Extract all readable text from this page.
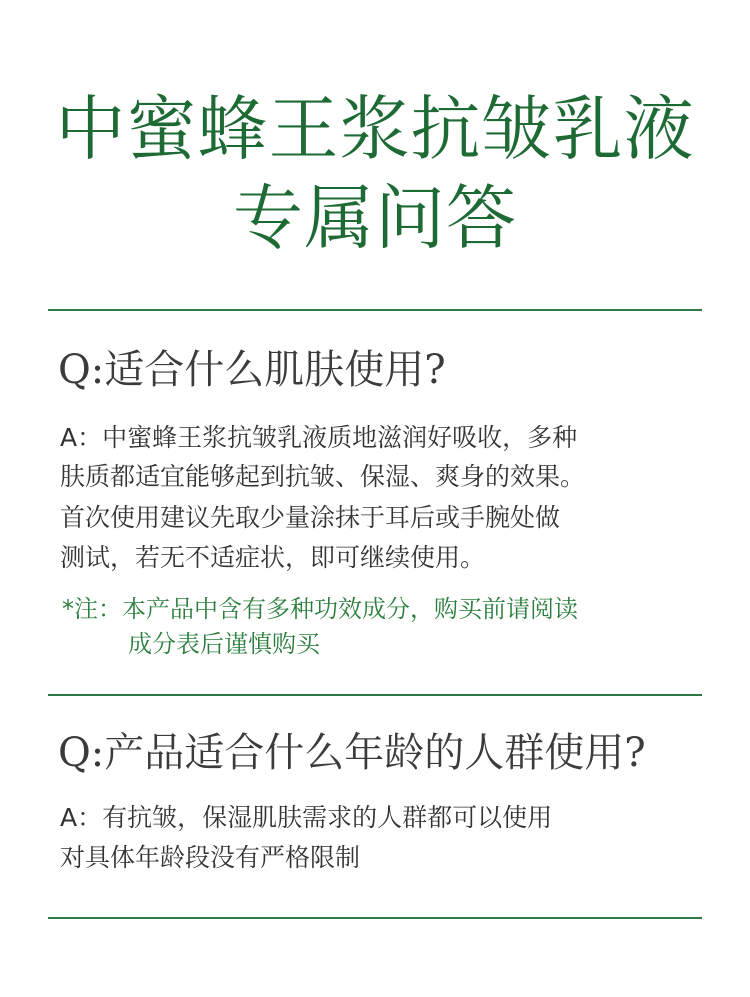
中蜜蜂王浆抗皱乳液
专属问答
Q:适合什么肌肤使用?
A：中蜜蜂王浆抗皱乳液质地滋润好吸收，多种
肤质都适宜能够起到抗皱、保湿、爽身的效果。
首次使用建议先取少量涂抹于耳后或手腕处做
测试，若无不适症状，即可继续使用。
*注：本产品中含有多种功效成分，购买前请阅读
成分表后谨慎购买
Q:产品适合什么年龄的人群使用?
A：有抗皱，保湿肌肤需求的人群都可以使用
对具体年龄段没有严格限制
